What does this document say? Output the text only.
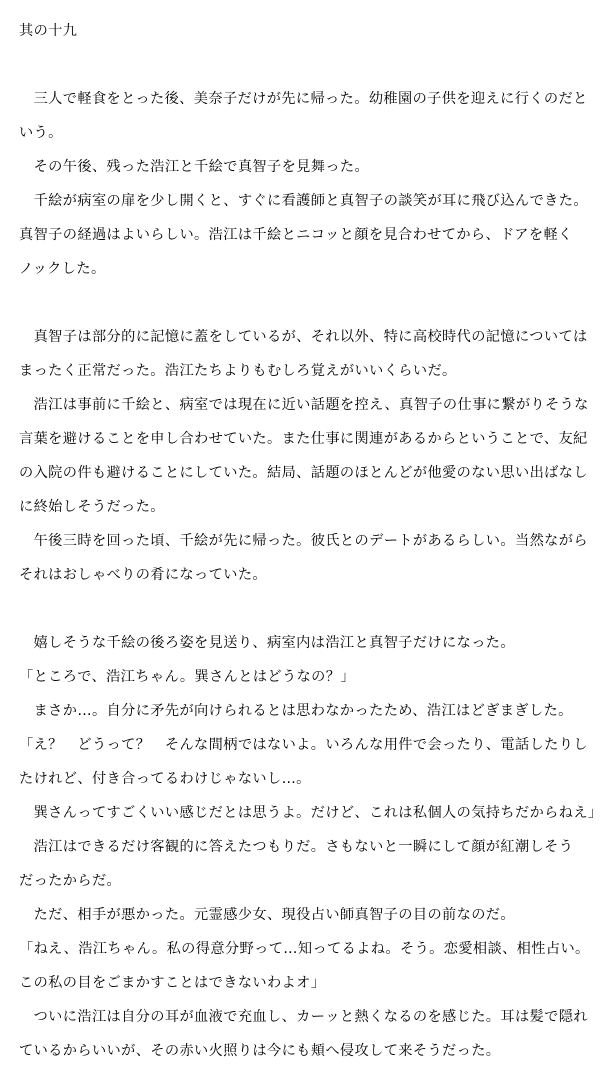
其の十九
　三人で軽食をとった後、美奈子だけが先に帰った。幼稚園の子供を迎えに行くのだと
いう。
　その午後、残った浩江と千絵で真智子を見舞った。
　千絵が病室の扉を少し開くと、すぐに看護師と真智子の談笑が耳に飛び込んできた。
真智子の経過はよいらしい。浩江は千絵とニコッと顔を見合わせてから、ドアを軽く
ノックした。
　真智子は部分的に記憶に蓋をしているが、それ以外、特に高校時代の記憶については
まったく正常だった。浩江たちよりもむしろ覚えがいいくらいだ。
　浩江は事前に千絵と、病室では現在に近い話題を控え、真智子の仕事に繋がりそうな
言葉を避けることを申し合わせていた。また仕事に関連があるからということで、友紀
の入院の件も避けることにしていた。結局、話題のほとんどが他愛のない思い出ばなし
に終始しそうだった。
　午後三時を回った頃、千絵が先に帰った。彼氏とのデートがあるらしい。当然ながら
それはおしゃべりの肴になっていた。
　嬉しそうな千絵の後ろ姿を見送り、病室内は浩江と真智子だけになった。
「ところで、浩江ちゃん。巽さんとはどうなの？」
　まさか…。自分に矛先が向けられるとは思わなかったため、浩江はどぎまぎした。
「え？　どうって？　そんな間柄ではないよ。いろんな用件で会ったり、電話したりし
たけれど、付き合ってるわけじゃないし…。
　巽さんってすごくいい感じだとは思うよ。だけど、これは私個人の気持ちだからねえ」
　浩江はできるだけ客観的に答えたつもりだ。さもないと一瞬にして顔が紅潮しそう
だったからだ。
　ただ、相手が悪かった。元霊感少女、現役占い師真智子の目の前なのだ。
「ねえ、浩江ちゃん。私の得意分野って…知ってるよね。そう。恋愛相談、相性占い。
この私の目をごまかすことはできないわよオ」
　ついに浩江は自分の耳が血液で充血し、カーッと熱くなるのを感じた。耳は髪で隠れ
ているからいいが、その赤い火照りは今にも頬へ侵攻して来そうだった。
